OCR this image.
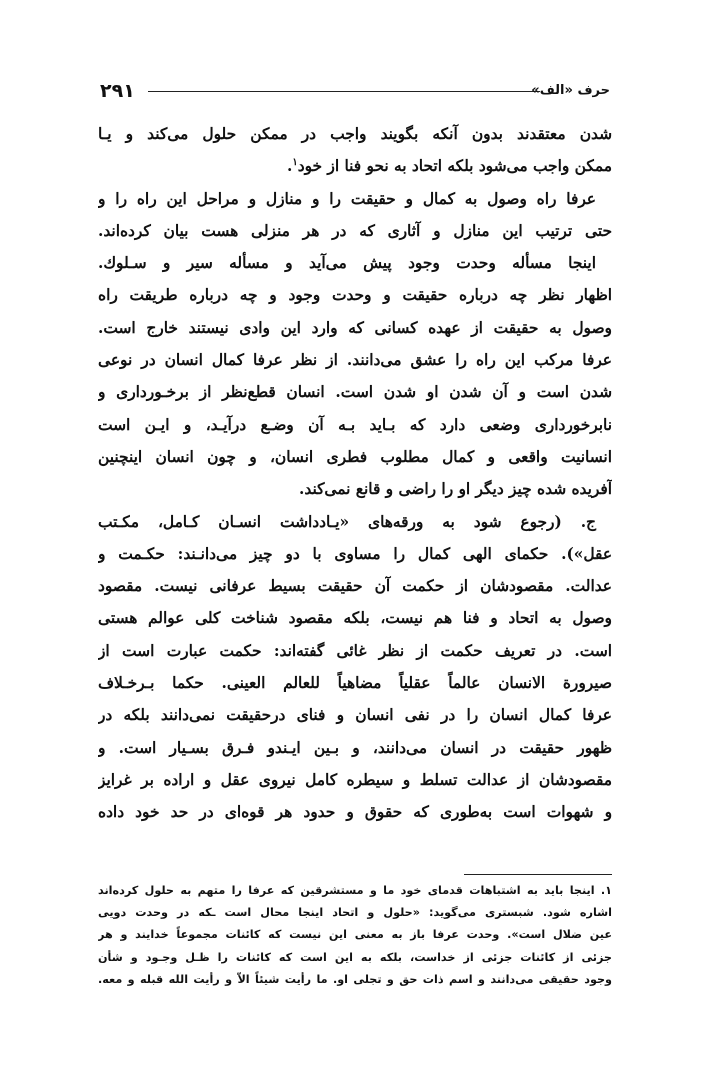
۲۹۱	حرف «الف»
شدن معتقدند بدون آنكه بگويند واجب در ممكن حلول می‌كند و يـا
ممكن واجب می‌شود بلكه اتحاد به نحو فنا از خود$^۱$.
عرفا راه وصول به كمال و حقيقت را و منازل و مراحل اين راه را و
حتی ترتيب اين منازل و آثاری كه در هر منزلی هست بيان كرده‌اند.
اينجا مسأله وحدت وجود پيش می‌آيد و مسأله سير و سـلوك.
اظهار نظر چه درباره حقيقت و وحدت وجود و چه درباره طريقت راه
وصول به حقيقت از عهده كسانی كه وارد اين وادی نيستند خارج است.
عرفا مركب اين راه را عشق می‌دانند. از نظر عرفا كمال انسان در نوعی
شدن است و آن شدن او شدن است. انسان قطع‌نظر از برخـورداری و
نابرخورداری وضعی دارد كه بـايد بـه آن وضـع درآيـد، و ايـن است
انسانيت واقعی و كمال مطلوب فطری انسان، و چون انسان اينچنين
آفريده شده چيز ديگر او را راضی و قانع نمی‌كند.
ج. (رجوع شود به ورقه‌های «يـادداشت انسـان كـامل، مكـتب
عقل»). حكمای الهی كمال را مساوی با دو چيز می‌دانـند: حكـمت و
عدالت. مقصودشان از حكمت آن حقيقت بسيط عرفانی نيست. مقصود
وصول به اتحاد و فنا هم نيست، بلكه مقصود شناخت كلی عوالم هستی
است. در تعريف حكمت از نظر غائی گفته‌اند: حكمت عبارت است از
صيرورة الانسان عالماً عقلياً مضاهياً للعالم العينی. حكما بـرخـلاف
عرفا كمال انسان را در نفی انسان و فنای درحقيقت نمی‌دانند بلكه در
ظهور حقيقت در انسان می‌دانند، و بـين ايـندو فـرق بسـيار است. و
مقصودشان از عدالت تسلط و سيطره كامل نيروی عقل و اراده بر غرايز
و شهوات است به‌طوری كه حقوق و حدود هر قوه‌ای در حد خود داده
۱. اينجا بايد به اشتباهات قدمای خود ما و مستشرقين كه عرفا را متهم به حلول كرده‌اند
اشاره شود. شبستری می‌گويد: «حلول و اتحاد اينجا محال است ـكه در وحدت دويی
عين ضلال است». وحدت عرفا باز به معنی اين نيست كه كائنات مجموعاً خدايند و هر
جزئی از كائنات جزئی از خداست، بلكه به اين است كه كائنات را ظـل وجـود و شأن
وجود حقيقی می‌دانند و اسم ذات حق و تجلی او. ما رأيت شيئاً الاّ و رأيت الله قبله و معه.
